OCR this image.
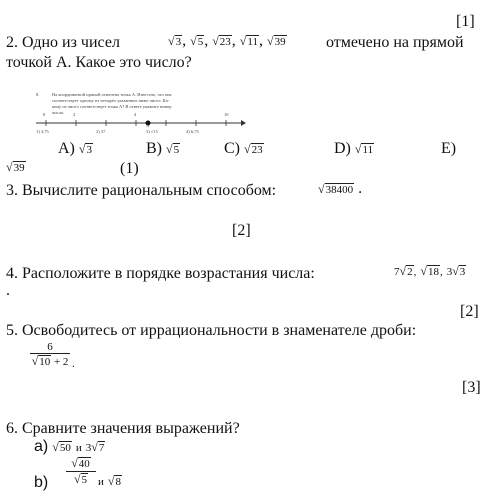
[1]
2. Одно из чисел	√3, √5, √23, √11, √39	отмечено на прямой
точкой А. Какое это число?
8.	На координатной прямой отмечена точка A. Известно, что она
соответствует одному из четырёх указанных ниже чисел. Ка-
кому из чисел соответствует точка A? В ответе укажите номер
числа.
0	2	4	10
A
1) 3,75	2) 37	3) √15	4) 6,75
A) √3	B) √5	C) √23	D) √11	E)
√39	(1)
3. Вычислите рациональным способом:	√38400 .
[2]
4. Расположите в порядке возрастания числа:	7√2, √18, 3√3
.
[2]
5. Освободитесь от иррациональности в знаменателе дроби:
$\frac{6}{√10 + 2}$ .
[3]
6. Сравните значения выражений?
а) √50 и 3√7
$b) \frac{√40}{√5}$ и √8
